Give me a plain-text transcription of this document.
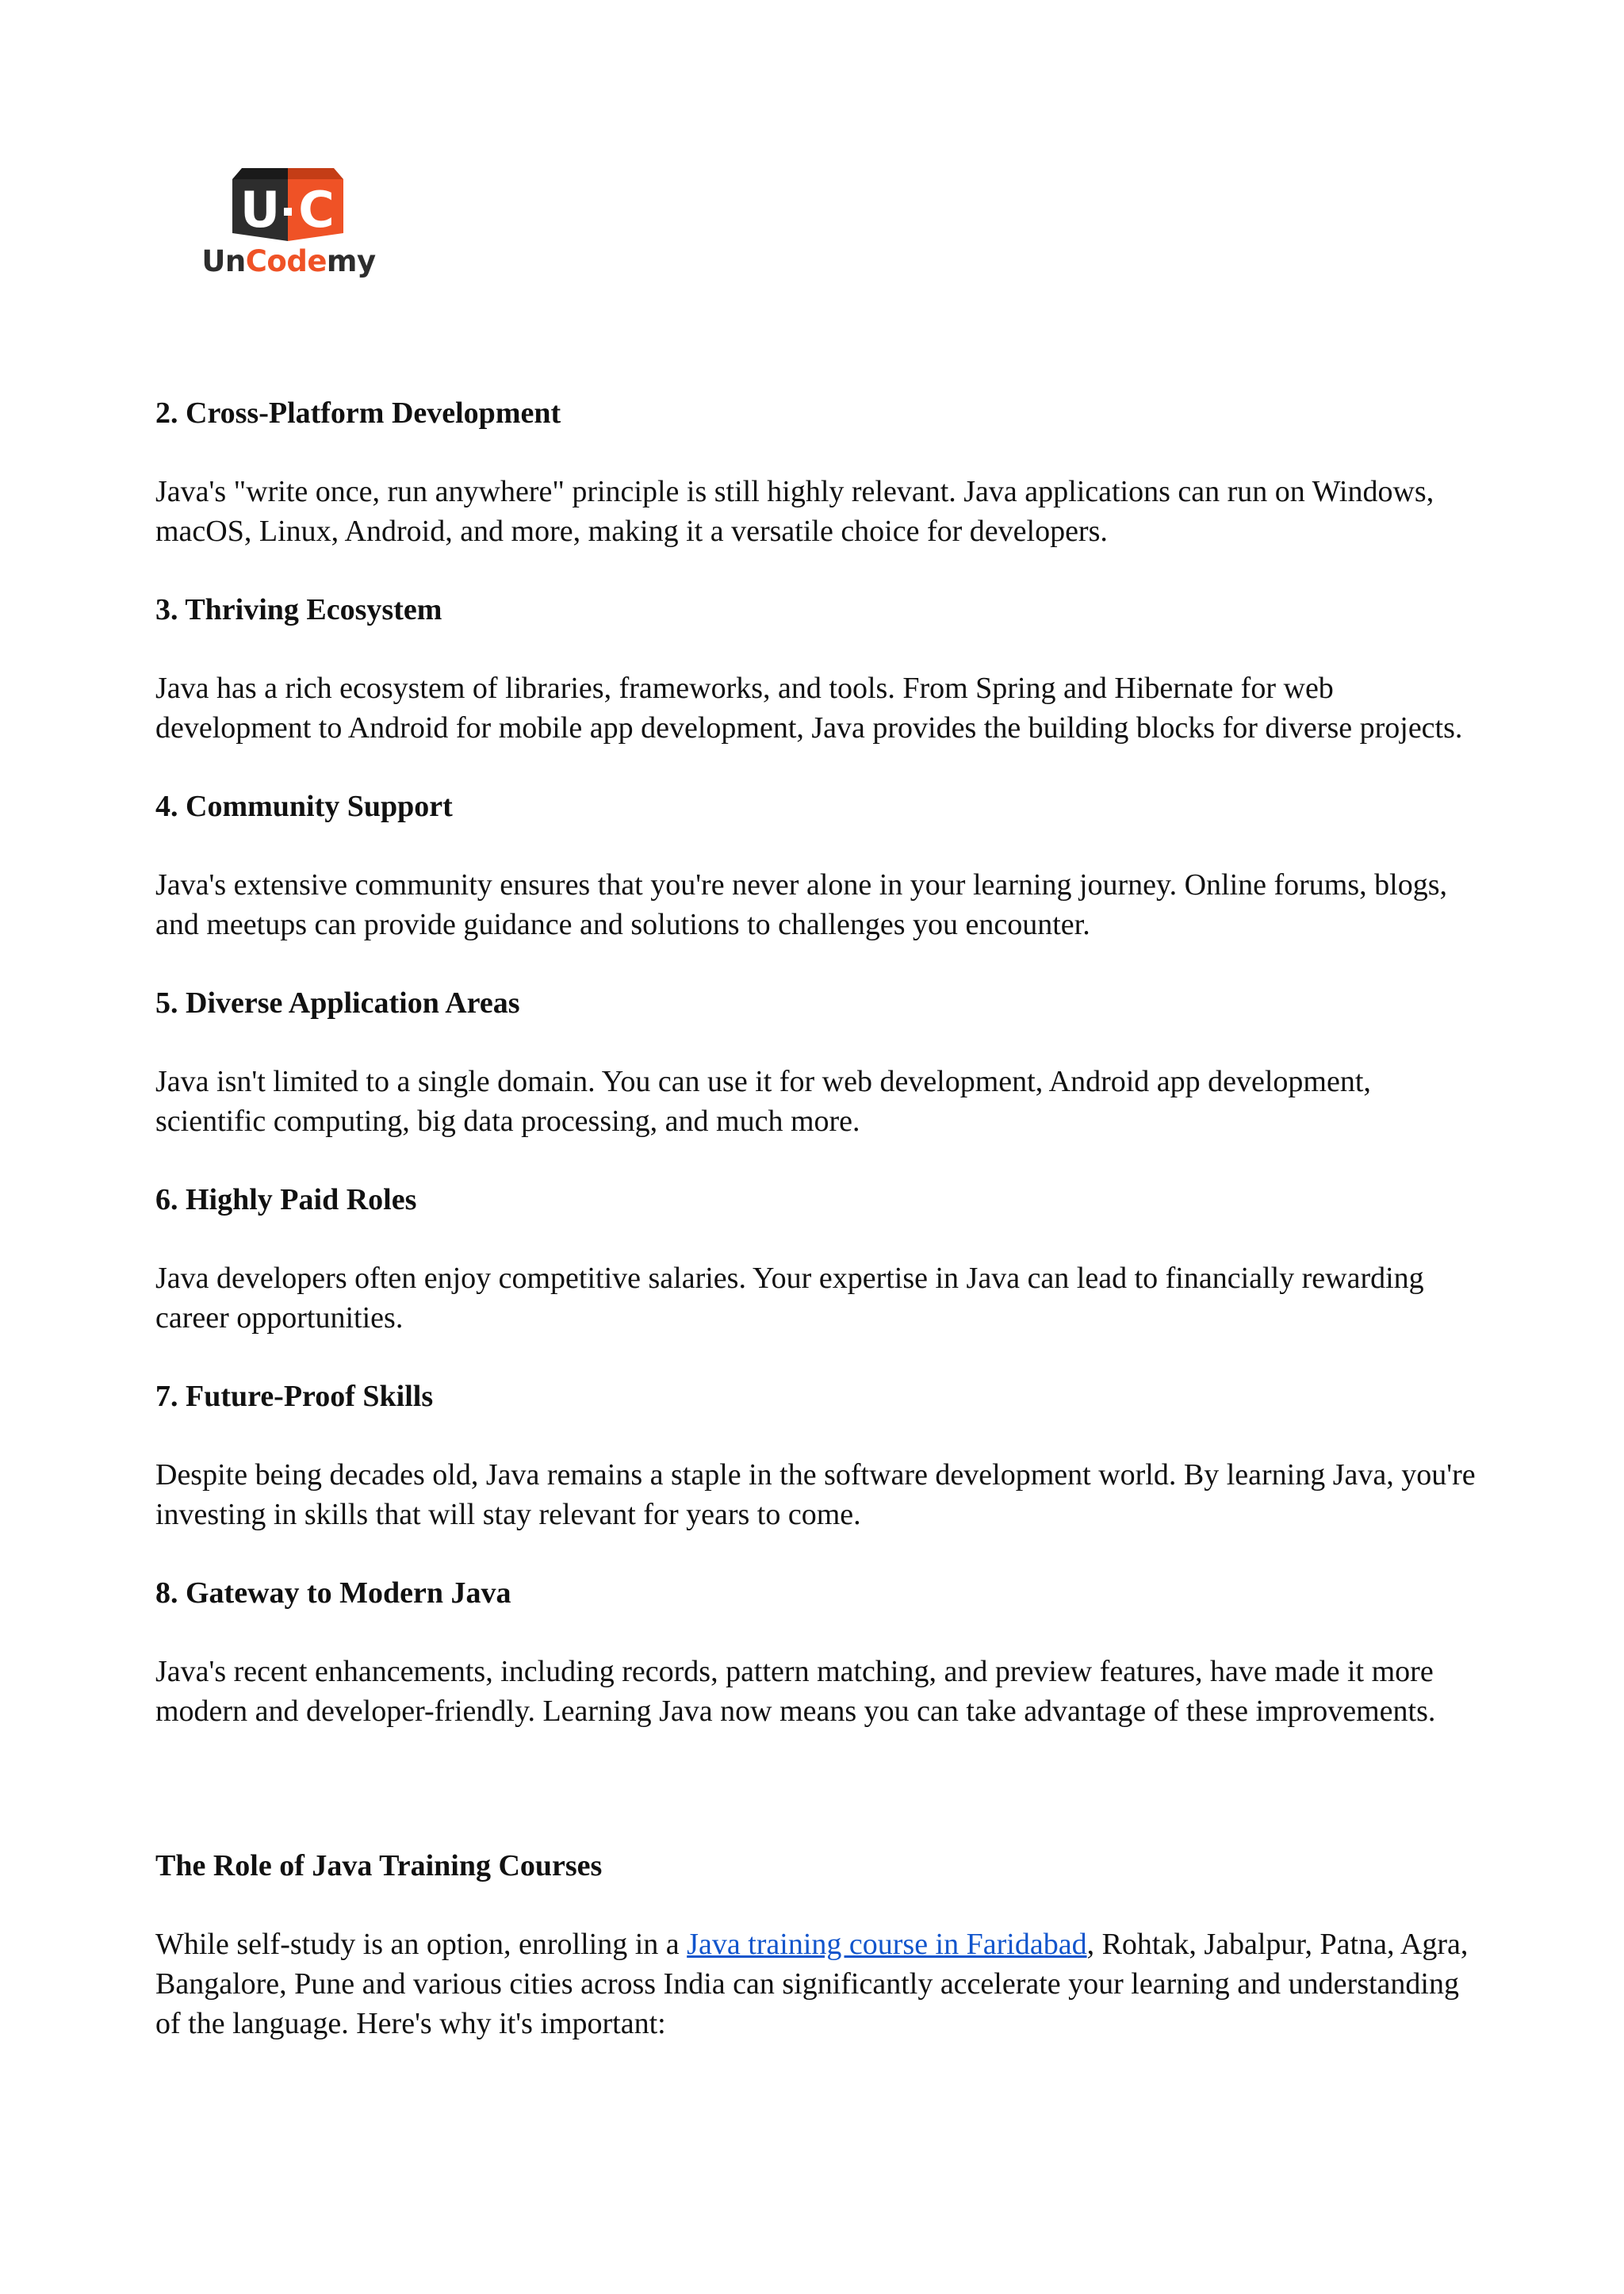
U C
UnCodemy
2. Cross-Platform Development

Java's "write once, run anywhere" principle is still highly relevant. Java applications can run on Windows, macOS, Linux, Android, and more, making it a versatile choice for developers.

3. Thriving Ecosystem

Java has a rich ecosystem of libraries, frameworks, and tools. From Spring and Hibernate for web development to Android for mobile app development, Java provides the building blocks for diverse projects.

4. Community Support

Java's extensive community ensures that you're never alone in your learning journey. Online forums, blogs, and meetups can provide guidance and solutions to challenges you encounter.

5. Diverse Application Areas

Java isn't limited to a single domain. You can use it for web development, Android app development, scientific computing, big data processing, and much more.

6. Highly Paid Roles

Java developers often enjoy competitive salaries. Your expertise in Java can lead to financially rewarding career opportunities.

7. Future-Proof Skills

Despite being decades old, Java remains a staple in the software development world. By learning Java, you're investing in skills that will stay relevant for years to come.

8. Gateway to Modern Java

Java's recent enhancements, including records, pattern matching, and preview features, have made it more modern and developer-friendly. Learning Java now means you can take advantage of these improvements.

The Role of Java Training Courses

While self-study is an option, enrolling in a Java training course in Faridabad, Rohtak, Jabalpur, Patna, Agra, Bangalore, Pune and various cities across India can significantly accelerate your learning and understanding of the language. Here's why it's important:
